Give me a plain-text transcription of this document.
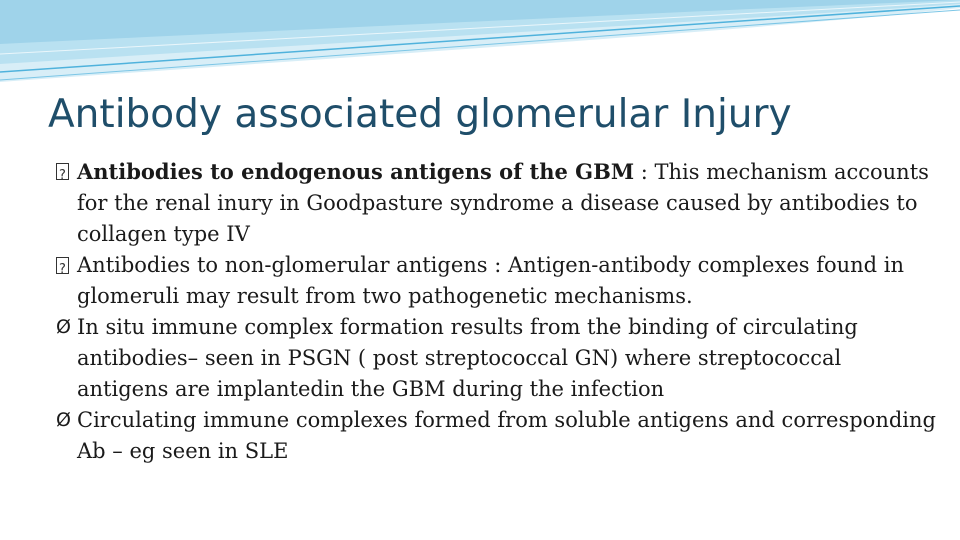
Antibody associated glomerular Injury

?
Antibodies to endogenous antigens of the GBM : This mechanism accounts for the renal inury in Goodpasture syndrome a disease caused by antibodies to collagen type IV

?
Antibodies to non-glomerular antigens : Antigen-antibody complexes found in glomeruli may result from two pathogenetic mechanisms.

Ø In situ immune complex formation results from the binding of circulating antibodies– seen in PSGN ( post streptococcal GN) where streptococcal antigens are implantedin the GBM during the infection

Ø Circulating immune complexes formed from soluble antigens and corresponding Ab – eg seen in SLE
